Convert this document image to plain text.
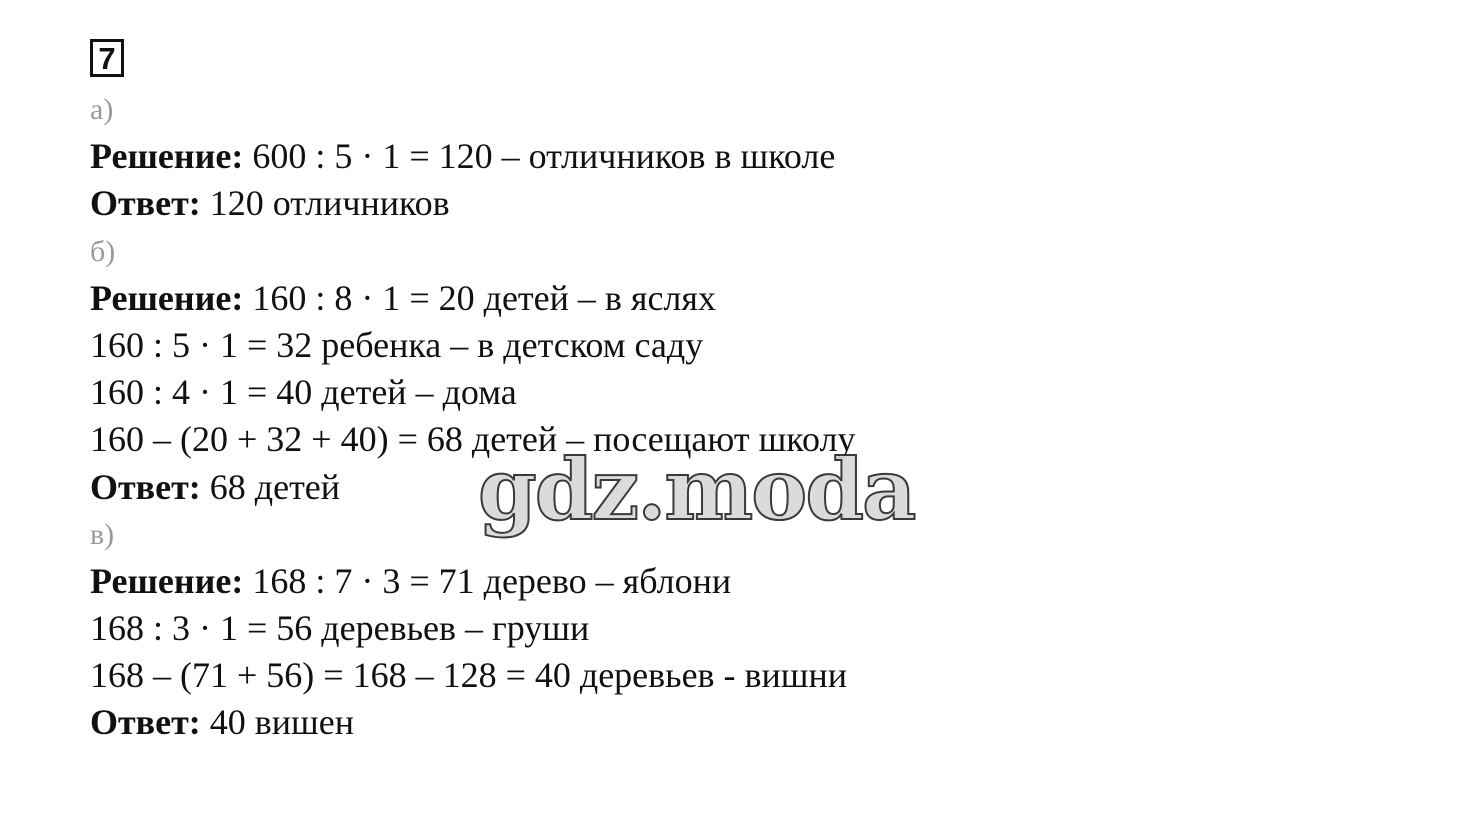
7
а)
Решение: 600 : 5 · 1 = 120 – отличников в школе
Ответ: 120 отличников
б)
Решение: 160 : 8 · 1 = 20 детей – в яслях
160 : 5 · 1 = 32 ребенка – в детском саду
160 : 4 · 1 = 40 детей – дома
160 – (20 + 32 + 40) = 68 детей – посещают школу
Ответ: 68 детей
в)
Решение: 168 : 7 · 3 = 71 дерево – яблони
168 : 3 · 1 = 56 деревьев – груши
168 – (71 + 56) = 168 – 128 = 40 деревьев - вишни
Ответ: 40 вишен
gdz.moda
